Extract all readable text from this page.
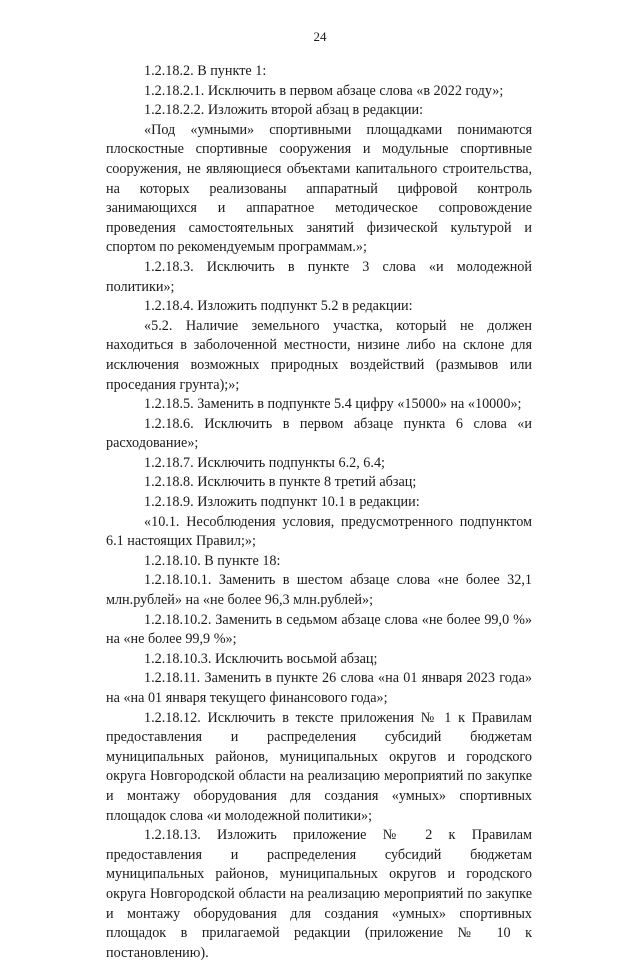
24

1.2.18.2. В пункте 1:

1.2.18.2.1. Исключить в первом абзаце слова «в 2022 году»;

1.2.18.2.2. Изложить второй абзац в редакции:

«Под «умными» спортивными площадками понимаются плоскостные спортивные сооружения и модульные спортивные сооружения, не являющиеся объектами капитального строительства, на которых реализованы аппаратный цифровой контроль занимающихся и аппаратное методическое сопровождение проведения самостоятельных занятий физической культурой и спортом по рекомендуемым программам.»;

1.2.18.3. Исключить в пункте 3 слова «и молодежной политики»;

1.2.18.4. Изложить подпункт 5.2 в редакции:

«5.2. Наличие земельного участка, который не должен находиться в заболоченной местности, низине либо на склоне для исключения возможных природных воздействий (размывов или проседания грунта);»;

1.2.18.5. Заменить в подпункте 5.4 цифру «15000» на «10000»;

1.2.18.6. Исключить в первом абзаце пункта 6 слова «и расходование»;

1.2.18.7. Исключить подпункты 6.2, 6.4;

1.2.18.8. Исключить в пункте 8 третий абзац;

1.2.18.9. Изложить подпункт 10.1 в редакции:

«10.1. Несоблюдения условия, предусмотренного подпунктом 6.1 настоящих Правил;»;

1.2.18.10. В пункте 18:

1.2.18.10.1. Заменить в шестом абзаце слова «не более 32,1 млн.рублей» на «не более 96,3 млн.рублей»;

1.2.18.10.2. Заменить в седьмом абзаце слова «не более 99,0 %» на «не более 99,9 %»;

1.2.18.10.3. Исключить восьмой абзац;

1.2.18.11. Заменить в пункте 26 слова «на 01 января 2023 года» на «на 01 января текущего финансового года»;

1.2.18.12. Исключить в тексте приложения № 1 к Правилам предоставления и распределения субсидий бюджетам муниципальных районов, муниципальных округов и городского округа Новгородской области на реализацию мероприятий по закупке и монтажу оборудования для создания «умных» спортивных площадок слова «и молодежной политики»;

1.2.18.13. Изложить приложение № 2 к Правилам предоставления и распределения субсидий бюджетам муниципальных районов, муниципальных округов и городского округа Новгородской области на реализацию мероприятий по закупке и монтажу оборудования для создания «умных» спортивных площадок в прилагаемой редакции (приложение № 10 к постановлению).
